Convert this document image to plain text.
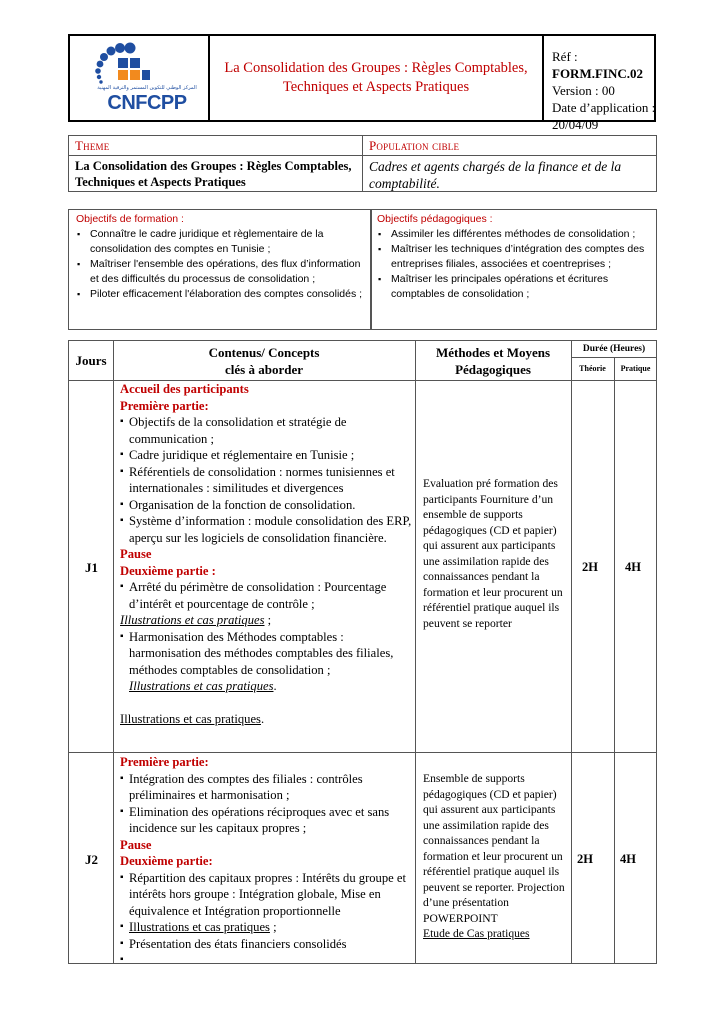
المركز الوطني للتكوين المستمر والترقية المهنية
CNFCPP
La Consolidation des Groupes : Règles Comptables, Techniques et Aspects Pratiques
Réf : FORM.FINC.02
Version : 00
Date d’application : 20/04/09
Theme	Population cible
La Consolidation des Groupes : Règles Comptables, Techniques et Aspects Pratiques
Cadres et agents chargés de la finance et de la comptabilité.
Objectifs de formation :
▪ Connaître le cadre juridique et règlementaire de la consolidation des comptes en Tunisie ;
▪ Maîtriser l'ensemble des opérations, des flux d’information et des difficultés du processus de consolidation ;
▪ Piloter efficacement l'élaboration des comptes consolidés ;
Objectifs pédagogiques :
▪ Assimiler les différentes méthodes de consolidation ;
▪ Maîtriser les techniques d’intégration des comptes des entreprises filiales, associées et coentreprises ;
▪ Maîtriser les principales opérations et écritures comptables de consolidation ;
Jours
Contenus/ Concepts
clés à aborder
Méthodes et Moyens
Pédagogiques
Durée (Heures)
Théorie	Pratique
J1
Accueil des participants
Première partie:
▪ Objectifs de la consolidation et stratégie de communication ;
▪ Cadre juridique et réglementaire en Tunisie ;
▪ Référentiels de consolidation : normes tunisiennes et internationales : similitudes et divergences
▪ Organisation de la fonction de consolidation.
▪ Système d’information : module consolidation des ERP, aperçu sur les logiciels de consolidation financière.
Pause
Deuxième partie :
▪ Arrêté du périmètre de consolidation : Pourcentage d’intérêt et pourcentage de contrôle ;
Illustrations et cas pratiques ;
▪ Harmonisation des Méthodes comptables : harmonisation des méthodes comptables des filiales, méthodes comptables de consolidation ;
Illustrations et cas pratiques.
Illustrations et cas pratiques.
Evaluation pré formation des participants Fourniture d’un ensemble de supports pédagogiques (CD et papier) qui assurent aux participants une assimilation rapide des connaissances pendant la formation et leur procurent un référentiel pratique auquel ils peuvent se reporter
2H 4H
J2
Première partie:
▪ Intégration des comptes des filiales : contrôles préliminaires et harmonisation ;
▪ Elimination des opérations réciproques avec et sans incidence sur les capitaux propres ;
Pause
Deuxième partie:
▪ Répartition des capitaux propres : Intérêts du groupe et intérêts hors groupe : Intégration globale, Mise en équivalence et Intégration proportionnelle
▪ Illustrations et cas pratiques ;
▪ Présentation des états financiers consolidés
▪
Ensemble de supports pédagogiques (CD et papier) qui assurent aux participants une assimilation rapide des connaissances pendant la formation et leur procurent un référentiel pratique auquel ils peuvent se reporter. Projection d’une présentation POWERPOINT
Etude de Cas pratiques
2H 4H
